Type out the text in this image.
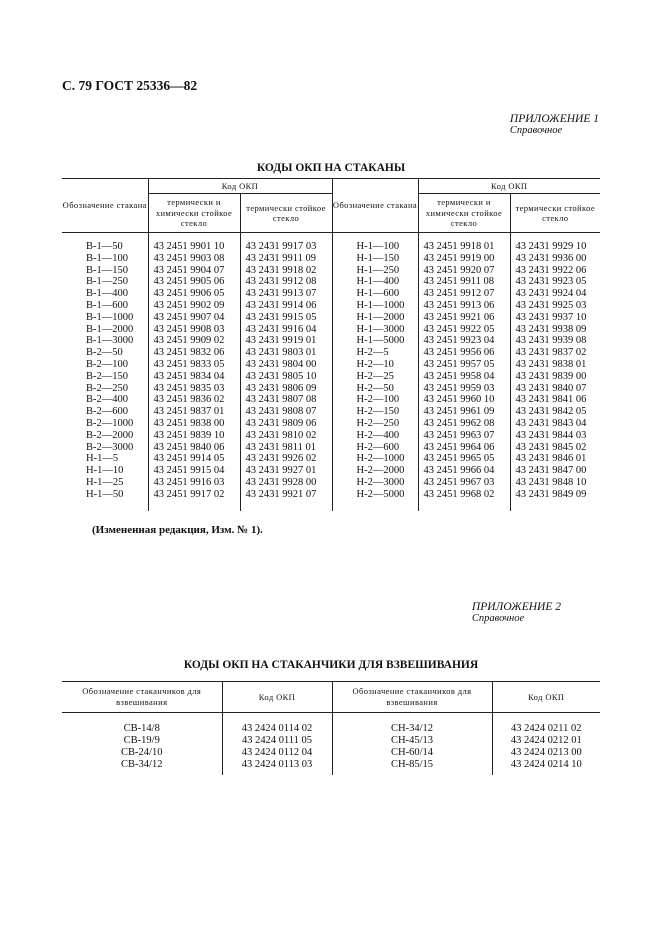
С. 79 ГОСТ 25336—82
ПРИЛОЖЕНИЕ 1
Справочное
КОДЫ ОКП НА СТАКАНЫ
Обозначение стакана	Код ОКП		Обозначение стакана	Код ОКП	
	термически и химически стойкое стекло	термически стойкое стекло		термически и химически стойкое стекло	термически стойкое стекло
В-1—50	43 2451 9901 10	43 2431 9917 03	Н-1—100	43 2451 9918 01	43 2431 9929 10
В-1—100	43 2451 9903 08	43 2431 9911 09	Н-1—150	43 2451 9919 00	43 2431 9936 00
В-1—150	43 2451 9904 07	43 2431 9918 02	Н-1—250	43 2451 9920 07	43 2431 9922 06
В-1—250	43 2451 9905 06	43 2431 9912 08	Н-1—400	43 2451 9911 08	43 2431 9923 05
В-1—400	43 2451 9906 05	43 2431 9913 07	Н-1—600	43 2451 9912 07	43 2431 9924 04
В-1—600	43 2451 9902 09	43 2431 9914 06	Н-1—1000	43 2451 9913 06	43 2431 9925 03
В-1—1000	43 2451 9907 04	43 2431 9915 05	Н-1—2000	43 2451 9921 06	43 2431 9937 10
В-1—2000	43 2451 9908 03	43 2431 9916 04	Н-1—3000	43 2451 9922 05	43 2431 9938 09
В-1—3000	43 2451 9909 02	43 2431 9919 01	Н-1—5000	43 2451 9923 04	43 2431 9939 08
В-2—50	43 2451 9832 06	43 2431 9803 01	Н-2—5	43 2451 9956 06	43 2431 9837 02
В-2—100	43 2451 9833 05	43 2431 9804 00	Н-2—10	43 2451 9957 05	43 2431 9838 01
В-2—150	43 2451 9834 04	43 2431 9805 10	Н-2—25	43 2451 9958 04	43 2431 9839 00
В-2—250	43 2451 9835 03	43 2431 9806 09	Н-2—50	43 2451 9959 03	43 2431 9840 07
В-2—400	43 2451 9836 02	43 2431 9807 08	Н-2—100	43 2451 9960 10	43 2431 9841 06
В-2—600	43 2451 9837 01	43 2431 9808 07	Н-2—150	43 2451 9961 09	43 2431 9842 05
В-2—1000	43 2451 9838 00	43 2431 9809 06	Н-2—250	43 2451 9962 08	43 2431 9843 04
В-2—2000	43 2451 9839 10	43 2431 9810 02	Н-2—400	43 2451 9963 07	43 2431 9844 03
В-2—3000	43 2451 9840 06	43 2431 9811 01	Н-2—600	43 2451 9964 06	43 2431 9845 02
Н-1—5	43 2451 9914 05	43 2431 9926 02	Н-2—1000	43 2451 9965 05	43 2431 9846 01
Н-1—10	43 2451 9915 04	43 2431 9927 01	Н-2—2000	43 2451 9966 04	43 2431 9847 00
Н-1—25	43 2451 9916 03	43 2431 9928 00	Н-2—3000	43 2451 9967 03	43 2431 9848 10
Н-1—50	43 2451 9917 02	43 2431 9921 07	Н-2—5000	43 2451 9968 02	43 2431 9849 09
(Измененная редакция, Изм. № 1).
ПРИЛОЖЕНИЕ 2
Справочное
КОДЫ ОКП НА СТАКАНЧИКИ ДЛЯ ВЗВЕШИВАНИЯ
Обозначение стаканчиков для взвешивания	Код ОКП	Обозначение стаканчиков для взвешивания	Код ОКП
СВ-14/8	43 2424 0114 02	СН-34/12	43 2424 0211 02
СВ-19/9	43 2424 0111 05	СН-45/13	43 2424 0212 01
СВ-24/10	43 2424 0112 04	СН-60/14	43 2424 0213 00
СВ-34/12	43 2424 0113 03	СН-85/15	43 2424 0214 10
